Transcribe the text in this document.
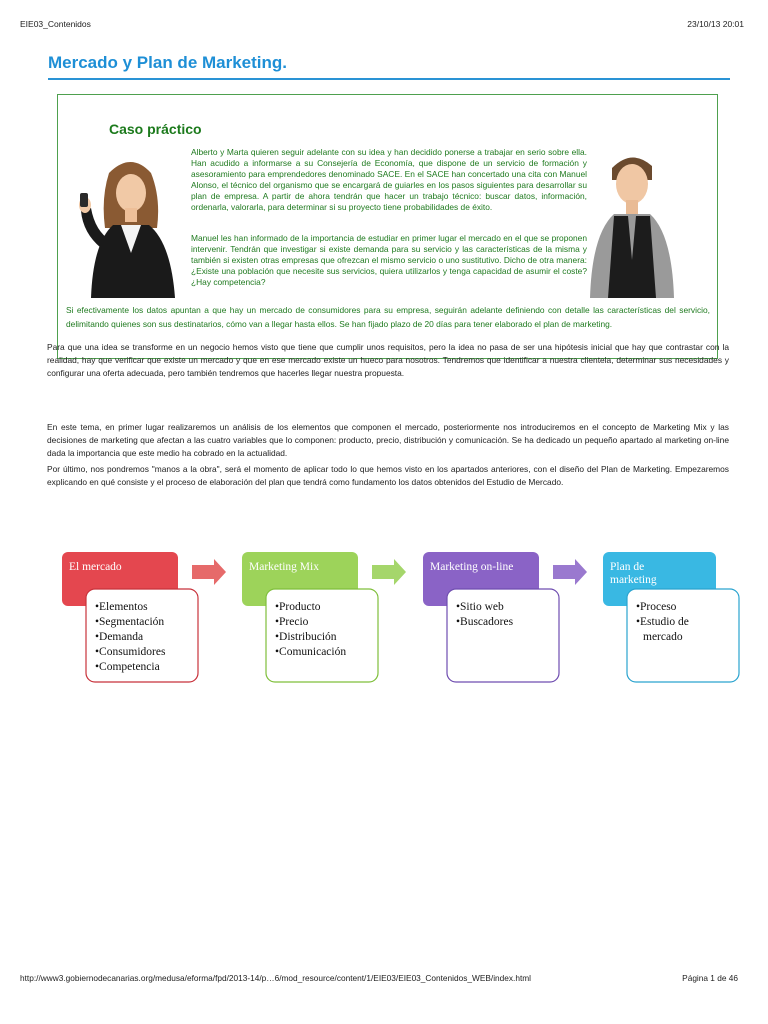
EIE03_Contenidos	23/10/13 20:01
Mercado y Plan de Marketing.
Caso práctico
Alberto y Marta quieren seguir adelante con su idea y han decidido ponerse a trabajar en serio sobre ella. Han acudido a informarse a su Consejería de Economía, que dispone de un servicio de formación y asesoramiento para emprendedores denominado SACE. En el SACE han concertado una cita con Manuel Alonso, el técnico del organismo que se encargará de guiarles en los pasos siguientes para desarrollar su plan de empresa. A partir de ahora tendrán que hacer un trabajo técnico: buscar datos, información, ordenarla, valorarla, para determinar si su proyecto tiene probabilidades de éxito.
Manuel les han informado de la importancia de estudiar en primer lugar el mercado en el que se proponen intervenir. Tendrán que investigar si existe demanda para su servicio y las características de la misma y también si existen otras empresas que ofrezcan el mismo servicio o uno sustitutivo. Dicho de otra manera: ¿Existe una población que necesite sus servicios, quiera utilizarlos y tenga capacidad de asumir el coste? ¿Hay competencia?
Si efectivamente los datos apuntan a que hay un mercado de consumidores para su empresa, seguirán adelante definiendo con detalle las características del servicio, delimitando quienes son sus destinatarios, cómo van a llegar hasta ellos. Se han fijado plazo de 20 días para tener elaborado el plan de marketing.
Para que una idea se transforme en un negocio hemos visto que tiene que cumplir unos requisitos, pero la idea no pasa de ser una hipótesis inicial que hay que contrastar con la realidad, hay que verificar que existe un mercado y que en ese mercado existe un hueco para nosotros. Tendremos que identificar a nuestra clientela, determinar sus necesidades y configurar una oferta adecuada, pero también tendremos que hacerles llegar nuestra propuesta.
En este tema, en primer lugar realizaremos un análisis de los elementos que componen el mercado, posteriormente nos introduciremos en el concepto de Marketing Mix y las decisiones de marketing que afectan a las cuatro variables que lo componen: producto, precio, distribución y comunicación. Se ha dedicado un pequeño apartado al marketing on-line dada la importancia que este medio ha cobrado en la actualidad.
Por último, nos pondremos "manos a la obra", será el momento de aplicar todo lo que hemos visto en los apartados anteriores, con el diseño del Plan de Marketing. Empezaremos explicando en qué consiste y el proceso de elaboración del plan que tendrá como fundamento los datos obtenidos del Estudio de Mercado.
El mercado
•Elementos
•Segmentación
•Demanda
•Consumidores
•Competencia
Marketing Mix
•Producto
•Precio
•Distribución
•Comunicación
Marketing on-line
•Sitio web
•Buscadores
Plan de
marketing
•Proceso
•Estudio de
mercado
http://www3.gobiernodecanarias.org/medusa/eforma/fpd/2013-14/p…6/mod_resource/content/1/EIE03/EIE03_Contenidos_WEB/index.html	Página 1 de 46
